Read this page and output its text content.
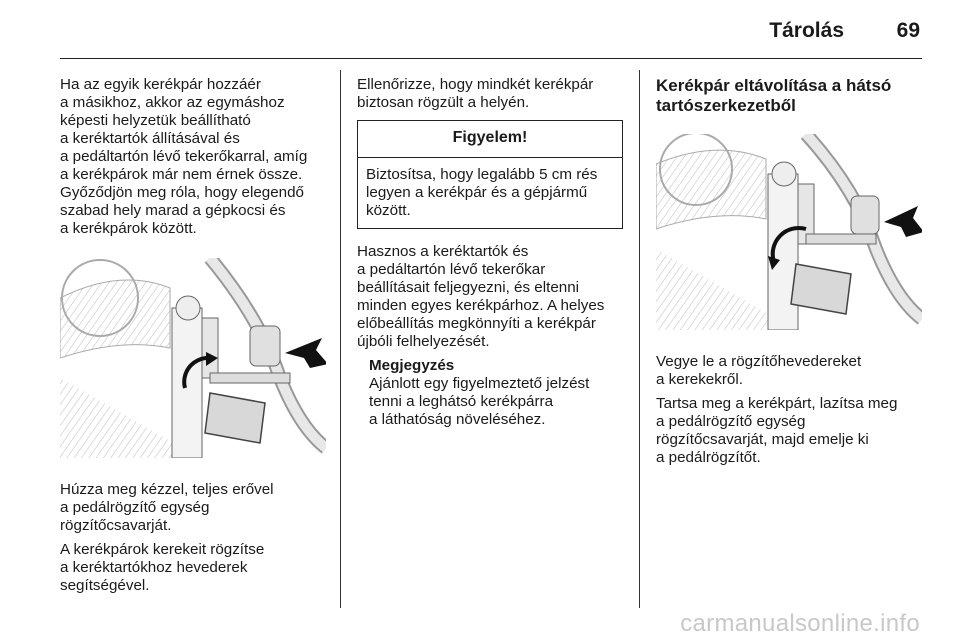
Tárolás	69

Ha az egyik kerékpár hozzáér
a másikhoz, akkor az egymáshoz
képesti helyzetük beállítható
a keréktartók állításával és
a pedáltartón lévő tekerőkarral, amíg
a kerékpárok már nem érnek össze.
Győződjön meg róla, hogy elegendő
szabad hely marad a gépkocsi és
a kerékpárok között.

Húzza meg kézzel, teljes erővel
a pedálrögzítő egység
rögzítőcsavarját.

A kerékpárok kerekeit rögzítse
a keréktartókhoz hevederek
segítségével.

Ellenőrizze, hogy mindkét kerékpár
biztosan rögzült a helyén.

Figyelem!
Biztosítsa, hogy legalább 5 cm rés
legyen a kerékpár és a gépjármű
között.

Hasznos a keréktartók és
a pedáltartón lévő tekerőkar
beállításait feljegyezni, és eltenni
minden egyes kerékpárhoz. A helyes
előbeállítás megkönnyíti a kerékpár
újbóli felhelyezését.

Megjegyzés

Ajánlott egy figyelmeztető jelzést
tenni a leghátsó kerékpárra
a láthatóság növeléséhez.

Kerékpár eltávolítása a hátsó
tartószerkezetből

Vegye le a rögzítőhevedereket
a kerekekről.

Tartsa meg a kerékpárt, lazítsa meg
a pedálrögzítő egység
rögzítőcsavarját, majd emelje ki
a pedálrögzítőt.

carmanualsonline.info
